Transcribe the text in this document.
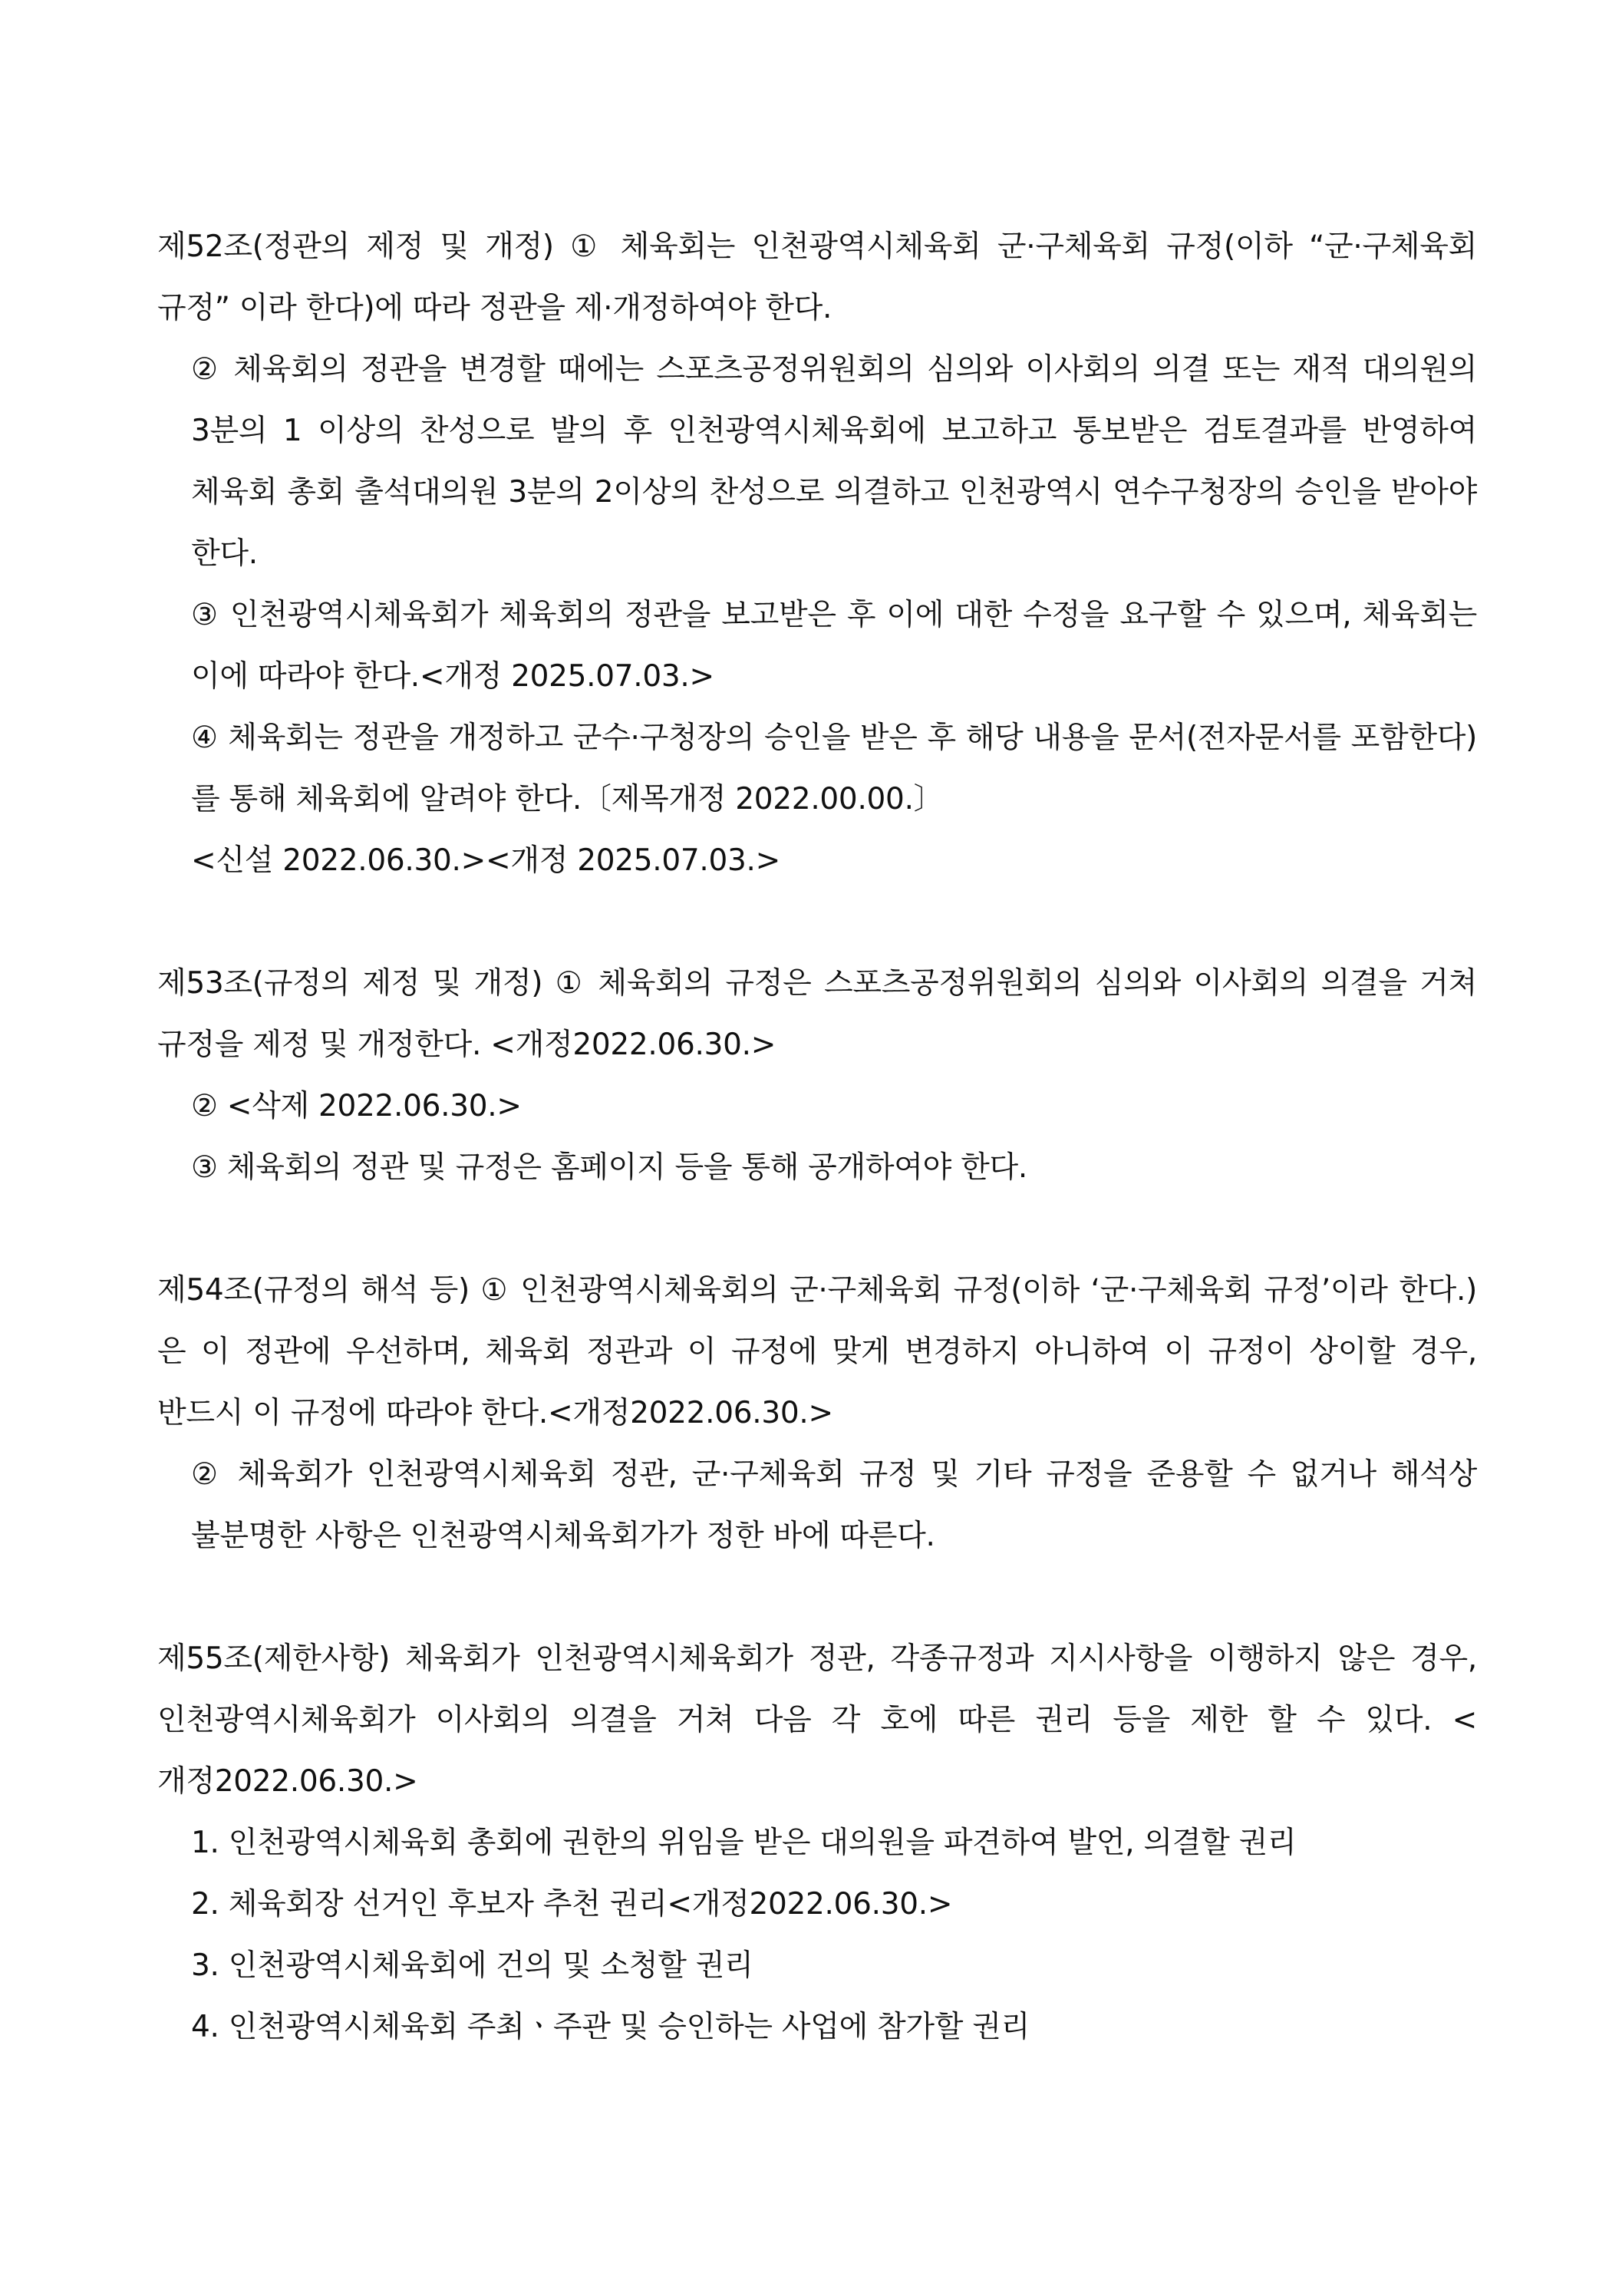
제52조(정관의 제정 및 개정) ① 체육회는 인천광역시체육회 군·구체육회 규정(이하 “군·구체육회 규정” 이라 한다)에 따라 정관을 제·개정하여야 한다.

② 체육회의 정관을 변경할 때에는 스포츠공정위원회의 심의와 이사회의 의결 또는 재적 대의원의 3분의 1 이상의 찬성으로 발의 후 인천광역시체육회에 보고하고 통보받은 검토결과를 반영하여 체육회 총회 출석대의원 3분의 2이상의 찬성으로 의결하고 인천광역시 연수구청장의 승인을 받아야 한다.

③ 인천광역시체육회가 체육회의 정관을 보고받은 후 이에 대한 수정을 요구할 수 있으며, 체육회는 이에 따라야 한다.<개정 2025.07.03.>

④ 체육회는 정관을 개정하고 군수·구청장의 승인을 받은 후 해당 내용을 문서(전자문서를 포함한다)를 통해 체육회에 알려야 한다.〔제목개정 2022.00.00.〕

<신설 2022.06.30.><개정 2025.07.03.>

제53조(규정의 제정 및 개정) ① 체육회의 규정은 스포츠공정위원회의 심의와 이사회의 의결을 거쳐 규정을 제정 및 개정한다. <개정2022.06.30.>

② <삭제 2022.06.30.>

③ 체육회의 정관 및 규정은 홈페이지 등을 통해 공개하여야 한다.

제54조(규정의 해석 등) ① 인천광역시체육회의 군·구체육회 규정(이하 ‘군·구체육회 규정’이라 한다.)은 이 정관에 우선하며, 체육회 정관과 이 규정에 맞게 변경하지 아니하여 이 규정이 상이할 경우, 반드시 이 규정에 따라야 한다.<개정2022.06.30.>

② 체육회가 인천광역시체육회 정관, 군·구체육회 규정 및 기타 규정을 준용할 수 없거나 해석상 불분명한 사항은 인천광역시체육회가가 정한 바에 따른다.

제55조(제한사항) 체육회가 인천광역시체육회가 정관, 각종규정과 지시사항을 이행하지 않은 경우, 인천광역시체육회가 이사회의 의결을 거쳐 다음 각 호에 따른 권리 등을 제한 할 수 있다. <개정2022.06.30.>

1. 인천광역시체육회 총회에 권한의 위임을 받은 대의원을 파견하여 발언, 의결할 권리

2. 체육회장 선거인 후보자 추천 권리<개정2022.06.30.>

3. 인천광역시체육회에 건의 및 소청할 권리

4. 인천광역시체육회 주최ㆍ주관 및 승인하는 사업에 참가할 권리
